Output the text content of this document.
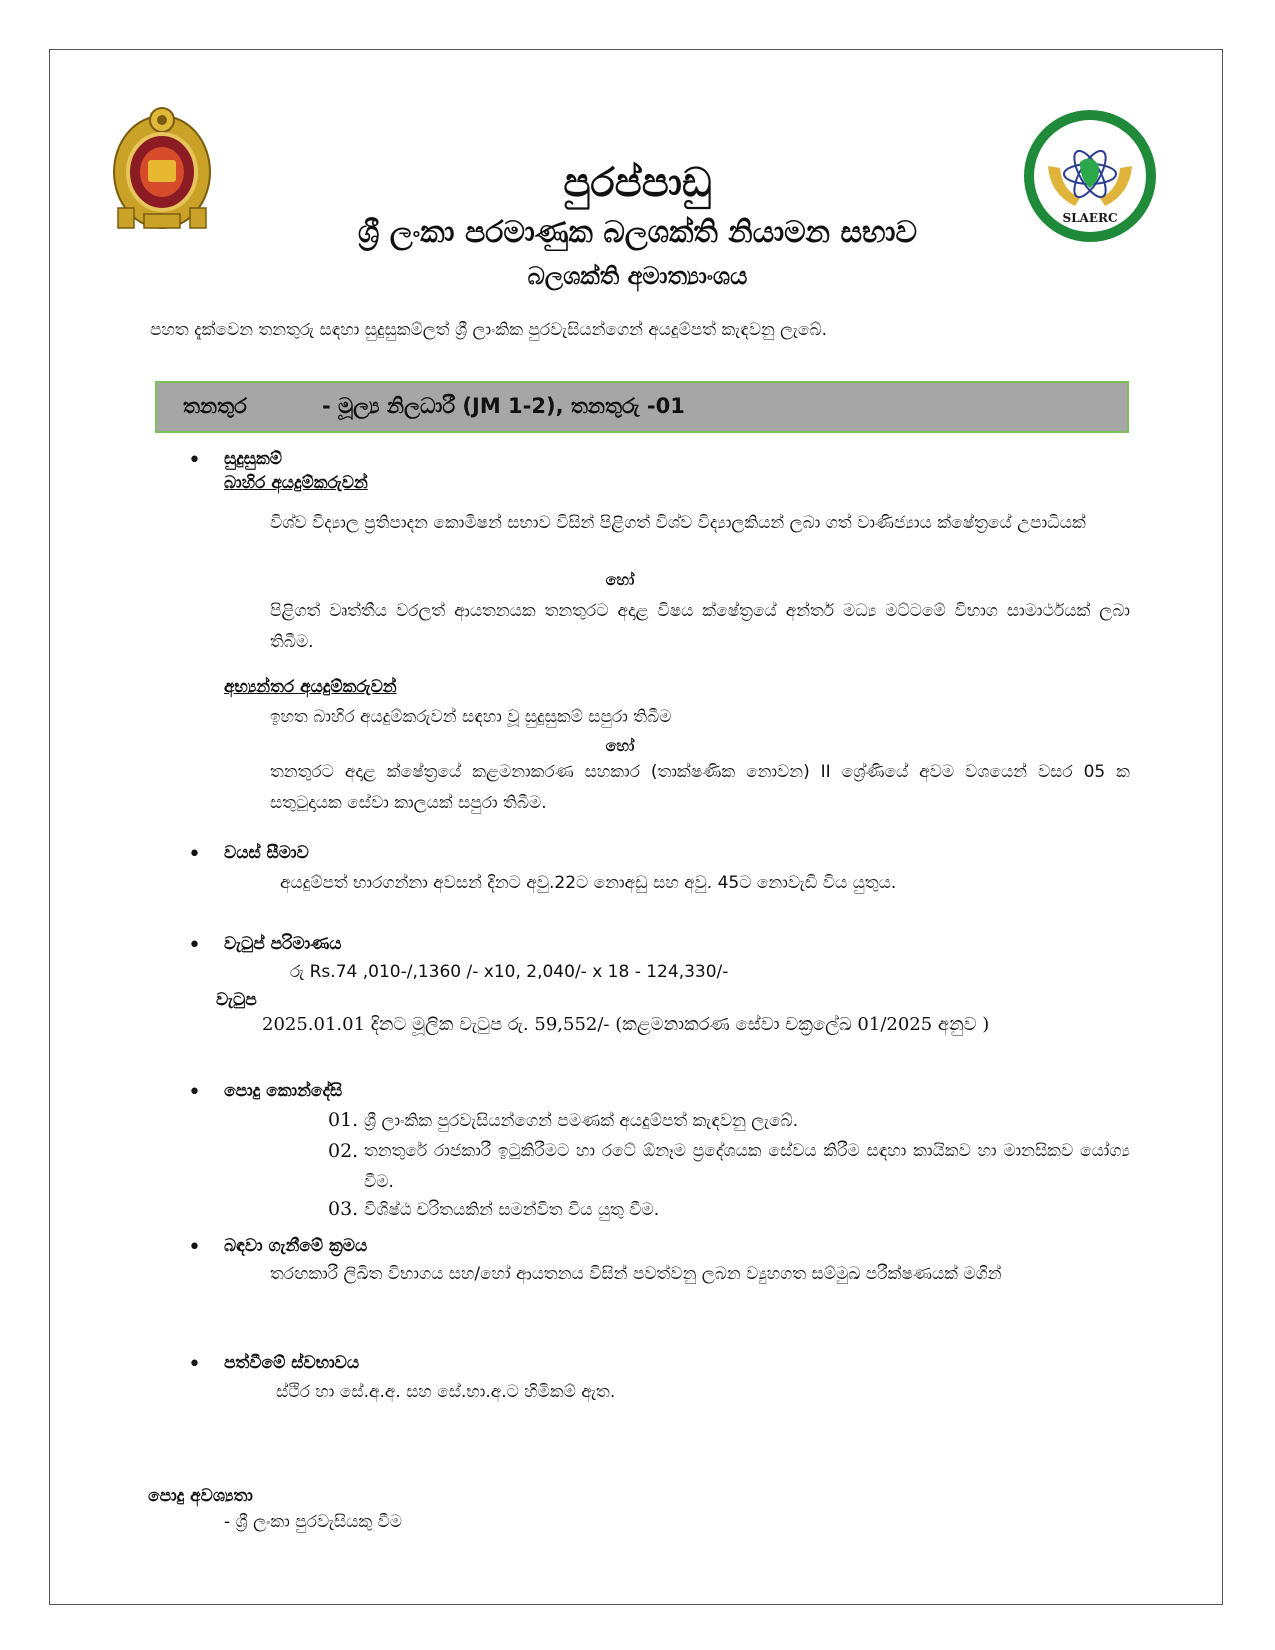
SLAERC
පුරප්පාඩු
ශ්‍රී ලංකා පරමාණුක බලශක්ති නියාමන සභාව
බලශක්ති අමාත්‍යාංශය
පහත දැක්වෙන තනතුරු සඳහා සුදුසුකම්ලත් ශ්‍රී ලාංකික පුරවැසියන්ගෙන් අයදුම්පත් කැඳවනු ලැබේ.
තනතුර	- මූල්‍ය නිලධාරී (JM 1-2), තනතුරු -01
• සුදුසුකම්
බාහිර අයදුම්කරුවන්
විශ්ව විද්‍යාල ප්‍රතිපාදන කොමිෂන් සභාව විසින් පිළිගත් විශ්ව විද්‍යාලකියන් ලබා ගත් වාණිජ්‍යාය ක්ෂේත්‍රයේ උපාධියක්
හෝ
පිළිගත් වෘත්තීය වරලත් ආයතනයක තනතුරට අදාළ විෂය ක්ෂේත්‍රයේ අන්තර් මධ්‍ය මට්ටමේ විභාග සාමාර්ථයක් ලබා තිබීම.
අභ්‍යන්තර අයදුම්කරුවන්
ඉහත බාහිර අයදුම්කරුවන් සඳහා වූ සුදුසුකම් සපුරා තිබීම
හෝ
තනතුරට අදාළ ක්ෂේත්‍රයේ කළමනාකරණ සහකාර (තාක්ෂණික නොවන) II ශ්‍රේණියේ අවම වශයෙන් වසර 05 ක සතුටුදායක සේවා කාලයක් සපුරා තිබීම.
• වයස් සීමාව
අයදුම්පත් භාරගන්නා අවසන් දිනට අවු.22ට නොඅඩු සහ අවු. 45ට නොවැඩි විය යුතුය.
• වැටුප් පරිමාණය
රු Rs.74 ,010-/,1360 /- x10, 2,040/- x 18 - 124,330/-
වැටුප
2025.01.01 දිනට මූලික වැටුප රු. 59,552/- (කළමනාකරණ සේවා චක්‍රලේඛ 01/2025 අනුව )
• පොදු කොන්දේසි
01. ශ්‍රී ලාංකික පුරවැසියන්ගෙන් පමණක් අයදුම්පත් කැඳවනු ලැබේ.
02. තනතුරේ රාජකාරී ඉටුකිරීමට හා රටේ ඕනෑම ප්‍රදේශයක සේවය කිරීම සඳහා කායිකව හා මානසිකව යෝග්‍ය වීම.
03. විශිෂ්ඨ චරිතයකින් සමන්විත විය යුතු වීම.
• බඳවා ගැනීමේ ක්‍රමය
තරඟකාරී ලිඛිත විභාගය සහ/හෝ ආයතනය විසින් පවත්වනු ලබන ව්‍යුහගත සම්මුඛ පරීක්ෂණයක් මගින්
• පත්වීමේ ස්වභාවය
ස්ථිර හා සේ.අ.අ. සහ සේ.භා.අ.ට හිමිකම් ඇත.
පොදු අවශ්‍යතා
- ශ්‍රී ලංකා පුරවැසියකු වීම
